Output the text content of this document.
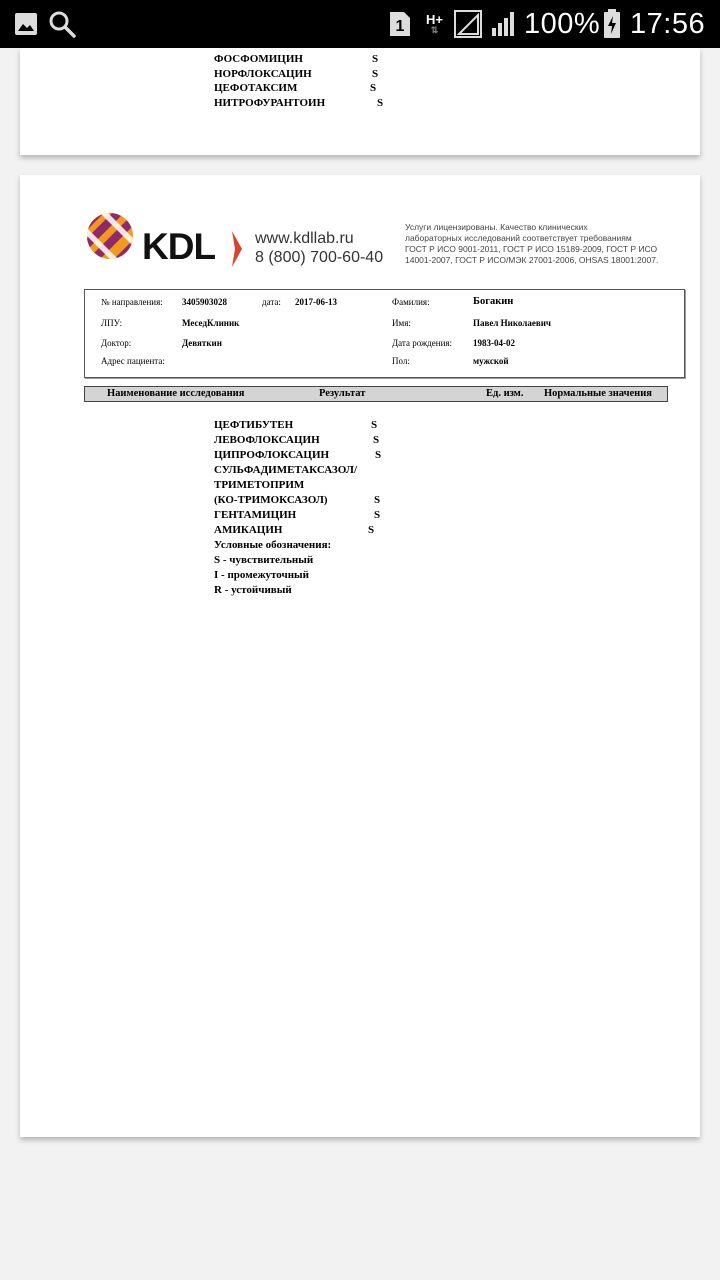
1 H+
⇅	100% 17:56
ФОСФОМИЦИН	S
НОРФЛОКСАЦИН	S
ЦЕФОТАКСИМ	S
НИТРОФУРАНТОИН	S
KDL www.kdllab.ru
8 (800) 700-60-40
Услуги лицензированы. Качество клинических
лабораторных исследований соответствует требованиям
ГОСТ Р ИСО 9001-2011, ГОСТ Р ИСО 15189-2009, ГОСТ Р ИСО
14001-2007, ГОСТ Р ИСО/МЭК 27001-2006, OHSAS 18001:2007.
№ направления: 3405903028	дата: 2017-06-13	Фамилия:	Богакин
ЛПУ:	МесeдКлиник	Имя:	Павел Николаевич
Доктор:	Девяткин	Дата рождения: 1983-04-02
Адрес пациента:	Пол:	мужской
Наименование исследования	Результат	Ед. изм. Нормальные значения
ЦЕФТИБУТЕН	S
ЛЕВОФЛОКСАЦИН	S
ЦИПРОФЛОКСАЦИН	S
СУЛЬФАДИМЕТАКСАЗОЛ/
ТРИМЕТОПРИМ
(КО-ТРИМОКСАЗОЛ)	S
ГЕНТАМИЦИН	S
АМИКАЦИН	S
Условные обозначения:
S - чувствительный
I - промежуточный
R - устойчивый
